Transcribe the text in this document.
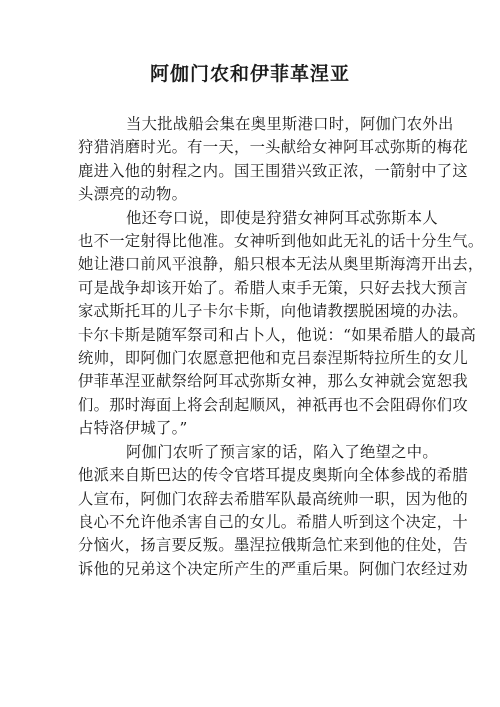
阿伽门农和伊菲革涅亚

当大批战船会集在奥里斯港口时，阿伽门农外出
狩猎消磨时光。有一天，一头献给女神阿耳忒弥斯的梅花
鹿进入他的射程之内。国王围猎兴致正浓，一箭射中了这
头漂亮的动物。

他还夸口说，即使是狩猎女神阿耳忒弥斯本人
也不一定射得比他准。女神听到他如此无礼的话十分生气。
她让港口前风平浪静，船只根本无法从奥里斯海湾开出去，
可是战争却该开始了。希腊人束手无策，只好去找大预言
家忒斯托耳的儿子卡尔卡斯，向他请教摆脱困境的办法。
卡尔卡斯是随军祭司和占卜人，他说：“如果希腊人的最高
统帅，即阿伽门农愿意把他和克吕泰涅斯特拉所生的女儿
伊菲革涅亚献祭给阿耳忒弥斯女神，那么女神就会宽恕我
们。那时海面上将会刮起顺风，神祇再也不会阻碍你们攻
占特洛伊城了。”

阿伽门农听了预言家的话，陷入了绝望之中。
他派来自斯巴达的传令官塔耳提皮奥斯向全体参战的希腊
人宣布，阿伽门农辞去希腊军队最高统帅一职，因为他的
良心不允许他杀害自己的女儿。希腊人听到这个决定，十
分恼火，扬言要反叛。墨涅拉俄斯急忙来到他的住处，告
诉他的兄弟这个决定所产生的严重后果。阿伽门农经过劝
